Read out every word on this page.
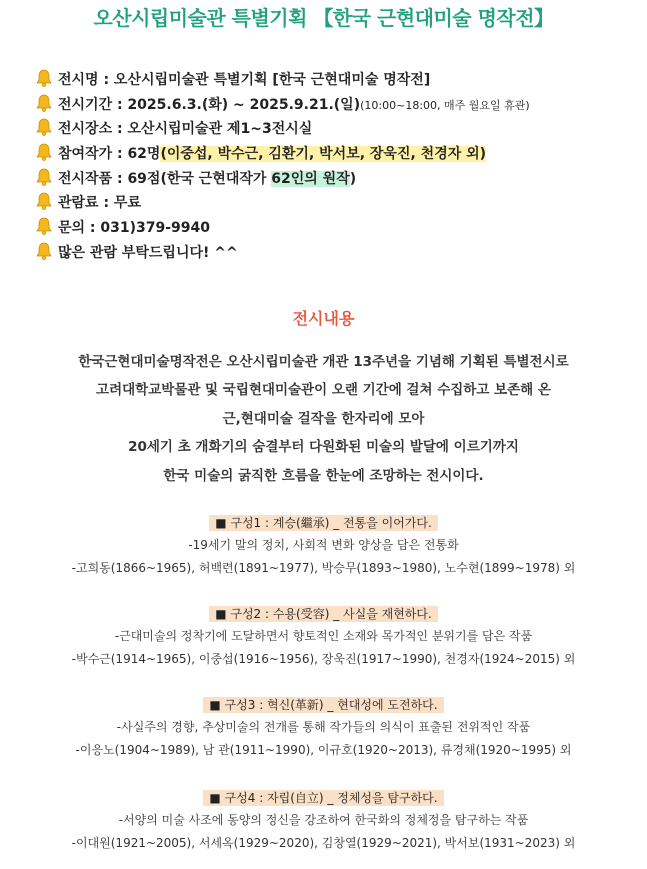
오산시립미술관 특별기획 【한국 근현대미술 명작전】
전시명 : 오산시립미술관 특별기획 [한국 근현대미술 명작전]
전시기간 : 2025.6.3.(화) ~ 2025.9.21.(일)(10:00~18:00, 매주 월요일 휴관)
전시장소 : 오산시립미술관 제1~3전시실
참여작가 : 62명(이중섭, 박수근, 김환기, 박서보, 장욱진, 천경자 외)
전시작품 : 69점(한국 근현대작가 62인의 원작)
관람료 : 무료
문의 : 031)379-9940
많은 관람 부탁드립니다! ^^
전시내용
한국근현대미술명작전은 오산시립미술관 개관 13주년을 기념해 기획된 특별전시로
고려대학교박물관 및 국립현대미술관이 오랜 기간에 걸쳐 수집하고 보존해 온
근,현대미술 걸작을 한자리에 모아
20세기 초 개화기의 숨결부터 다원화된 미술의 발달에 이르기까지
한국 미술의 굵직한 흐름을 한눈에 조망하는 전시이다.
■ 구성1 : 계승(繼承) _ 전통을 이어가다.
-19세기 말의 정치, 사회적 변화 양상을 담은 전통화
-고희동(1866~1965), 허백련(1891~1977), 박승무(1893~1980), 노수현(1899~1978) 외
■ 구성2 : 수용(受容) _ 사실을 재현하다.
-근대미술의 정착기에 도달하면서 향토적인 소재와 목가적인 분위기를 담은 작품
-박수근(1914~1965), 이중섭(1916~1956), 장욱진(1917~1990), 천경자(1924~2015) 외
■ 구성3 : 혁신(革新) _ 현대성에 도전하다.
-사실주의 경향, 추상미술의 전개를 통해 작가들의 의식이 표출된 전위적인 작품
-이응노(1904~1989), 남 관(1911~1990), 이규호(1920~2013), 류경채(1920~1995) 외
■ 구성4 : 자립(自立) _ 정체성을 탐구하다.
-서양의 미술 사조에 동양의 정신을 강조하여 한국화의 정체정을 탐구하는 작품
-이대원(1921~2005), 서세옥(1929~2020), 김창열(1929~2021), 박서보(1931~2023) 외
